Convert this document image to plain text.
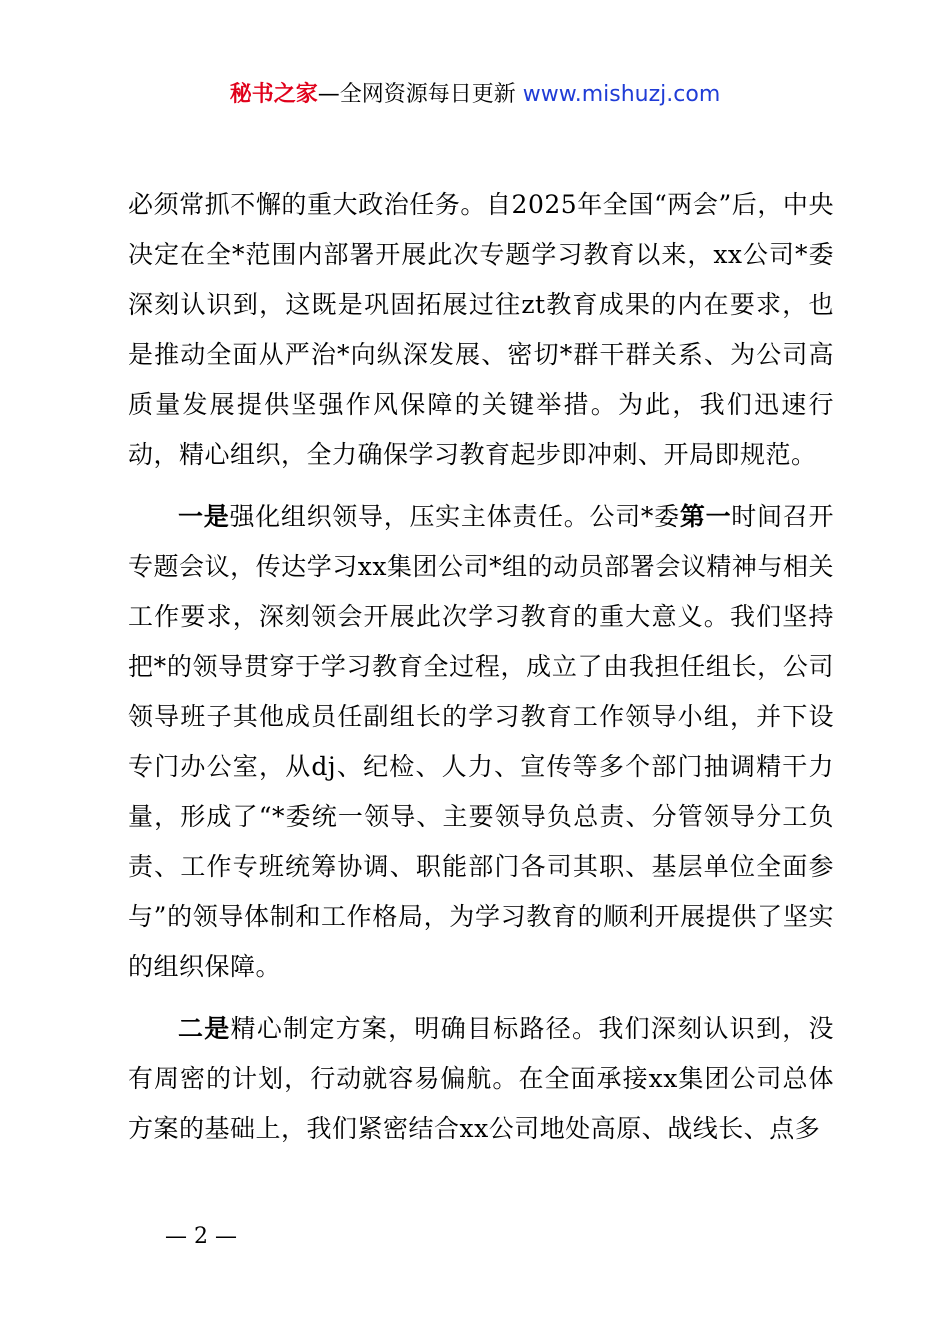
秘书之家—全网资源每日更新 www.mishuzj.com

必须常抓不懈的重大政治任务。自2025年全国“两会”后，中央决定在全*范围内部署开展此次专题学习教育以来，xx公司*委深刻认识到，这既是巩固拓展过往zt教育成果的内在要求，也是推动全面从严治*向纵深发展、密切*群干群关系、为公司高质量发展提供坚强作风保障的关键举措。为此，我们迅速行动，精心组织，全力确保学习教育起步即冲刺、开局即规范。

一是强化组织领导，压实主体责任。公司*委第一时间召开专题会议，传达学习xx集团公司*组的动员部署会议精神与相关工作要求，深刻领会开展此次学习教育的重大意义。我们坚持把*的领导贯穿于学习教育全过程，成立了由我担任组长，公司领导班子其他成员任副组长的学习教育工作领导小组，并下设专门办公室，从dj、纪检、人力、宣传等多个部门抽调精干力量，形成了“*委统一领导、主要领导负总责、分管领导分工负责、工作专班统筹协调、职能部门各司其职、基层单位全面参与”的领导体制和工作格局，为学习教育的顺利开展提供了坚实的组织保障。

二是精心制定方案，明确目标路径。我们深刻认识到，没有周密的计划，行动就容易偏航。在全面承接xx集团公司总体方案的基础上，我们紧密结合xx公司地处高原、战线长、点多

— 2 —
